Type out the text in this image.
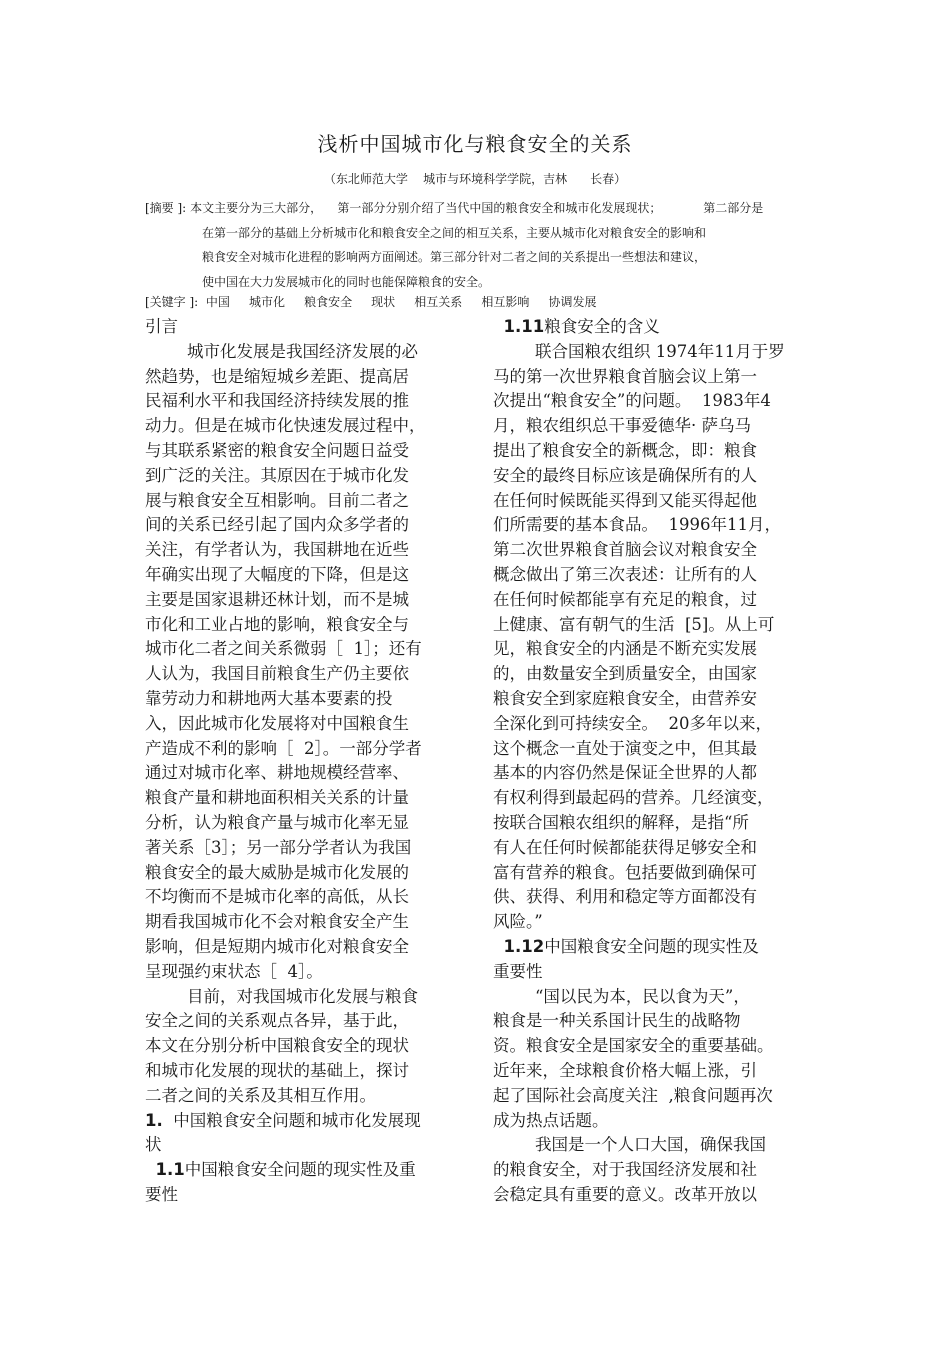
浅析中国城市化与粮食安全的关系
（东北师范大学    城市与环境科学学院，吉林      长春）
[摘要 ]: 本文主要分为三大部分，    第一部分分别介绍了当代中国的粮食安全和城市化发展现状；           第二部分是
在第一部分的基础上分析城市化和粮食安全之间的相互关系，主要从城市化对粮食安全的影响和
粮食安全对城市化进程的影响两方面阐述。第三部分针对二者之间的关系提出一些想法和建议，
使中国在大力发展城市化的同时也能保障粮食的安全。
[关键字 ]: 中国 城市化 粮食安全 现状 相互关系 相互影响 协调发展

引言

城市化发展是我国经济发展的必

然趋势，也是缩短城乡差距、提高居

民福利水平和我国经济持续发展的推

动力。但是在城市化快速发展过程中，

与其联系紧密的粮食安全问题日益受

到广泛的关注。其原因在于城市化发

展与粮食安全互相影响。目前二者之

间的关系已经引起了国内众多学者的

关注，有学者认为，我国耕地在近些

年确实出现了大幅度的下降，但是这

主要是国家退耕还林计划，而不是城

市化和工业占地的影响，粮食安全与

城市化二者之间关系微弱［  1］；还有

人认为，我国目前粮食生产仍主要依

靠劳动力和耕地两大基本要素的投

入，因此城市化发展将对中国粮食生

产造成不利的影响［  2］。一部分学者

通过对城市化率、耕地规模经营率、

粮食产量和耕地面积相关关系的计量

分析，认为粮食产量与城市化率无显

著关系［3］；另一部分学者认为我国

粮食安全的最大威胁是城市化发展的

不均衡而不是城市化率的高低，从长

期看我国城市化不会对粮食安全产生

影响，但是短期内城市化对粮食安全

呈现强约束状态［  4］。

目前，对我国城市化发展与粮食

安全之间的关系观点各异，基于此，

本文在分别分析中国粮食安全的现状

和城市化发展的现状的基础上，探讨

二者之间的关系及其相互作用。

1. 中国粮食安全问题和城市化发展现

状

1.1中国粮食安全问题的现实性及重

要性

1.11粮食安全的含义

联合国粮农组织 1974年11月于罗

马的第一次世界粮食首脑会议上第一

次提出“粮食安全”的问题。  1983年4

月，粮农组织总干事爱德华· 萨乌马

提出了粮食安全的新概念，即：粮食

安全的最终目标应该是确保所有的人

在任何时候既能买得到又能买得起他

们所需要的基本食品。  1996年11月，

第二次世界粮食首脑会议对粮食安全

概念做出了第三次表述：让所有的人

在任何时候都能享有充足的粮食，过

上健康、富有朝气的生活  [5]。从上可

见，粮食安全的内涵是不断充实发展

的，由数量安全到质量安全，由国家

粮食安全到家庭粮食安全，由营养安

全深化到可持续安全。  20多年以来，

这个概念一直处于演变之中，但其最

基本的内容仍然是保证全世界的人都

有权利得到最起码的营养。几经演变，

按联合国粮农组织的解释，是指“所

有人在任何时候都能获得足够安全和

富有营养的粮食。包括要做到确保可

供、获得、利用和稳定等方面都没有

风险。”

1.12中国粮食安全问题的现实性及

重要性

“国以民为本，民以食为天”，

粮食是一种关系国计民生的战略物

资。粮食安全是国家安全的重要基础。

近年来，全球粮食价格大幅上涨，引

起了国际社会高度关注  ,粮食问题再次

成为热点话题。

我国是一个人口大国，确保我国

的粮食安全，对于我国经济发展和社

会稳定具有重要的意义。改革开放以
